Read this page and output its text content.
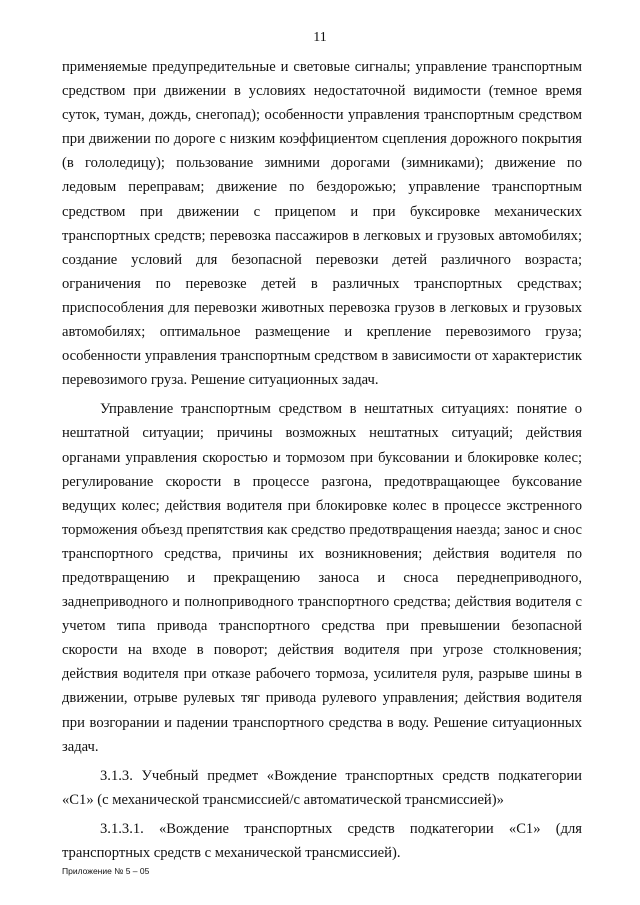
11

применяемые предупредительные и световые сигналы; управление транспортным средством при движении в условиях недостаточной видимости (темное время суток, туман, дождь, снегопад); особенности управления транспортным средством при движении по дороге с низким коэффициентом сцепления дорожного покрытия (в гололедицу); пользование зимними дорогами (зимниками); движение по ледовым переправам; движение по бездорожью; управление транспортным средством при движении с прицепом и при буксировке механических транспортных средств; перевозка пассажиров в легковых и грузовых автомобилях; создание условий для безопасной перевозки детей различного возраста; ограничения по перевозке детей в различных транспортных средствах; приспособления для перевозки животных перевозка грузов в легковых и грузовых автомобилях; оптимальное размещение и крепление перевозимого груза; особенности управления транспортным средством в зависимости от характеристик перевозимого груза. Решение ситуационных задач.

Управление транспортным средством в нештатных ситуациях: понятие о нештатной ситуации; причины возможных нештатных ситуаций; действия органами управления скоростью и тормозом при буксовании и блокировке колес; регулирование скорости в процессе разгона, предотвращающее буксование ведущих колес; действия водителя при блокировке колес в процессе экстренного торможения объезд препятствия как средство предотвращения наезда; занос и снос транспортного средства, причины их возникновения; действия водителя по предотвращению и прекращению заноса и сноса переднеприводного, заднеприводного и полноприводного транспортного средства; действия водителя с учетом типа привода транспортного средства при превышении безопасной скорости на входе в поворот; действия водителя при угрозе столкновения; действия водителя при отказе рабочего тормоза, усилителя руля, разрыве шины в движении, отрыве рулевых тяг привода рулевого управления; действия водителя при возгорании и падении транспортного средства в воду. Решение ситуационных задач.

3.1.3. Учебный предмет «Вождение транспортных средств подкатегории «С1» (с механической трансмиссией/с автоматической трансмиссией)»

3.1.3.1. «Вождение транспортных средств подкатегории «С1» (для транспортных средств с механической трансмиссией).

Приложение № 5 – 05
